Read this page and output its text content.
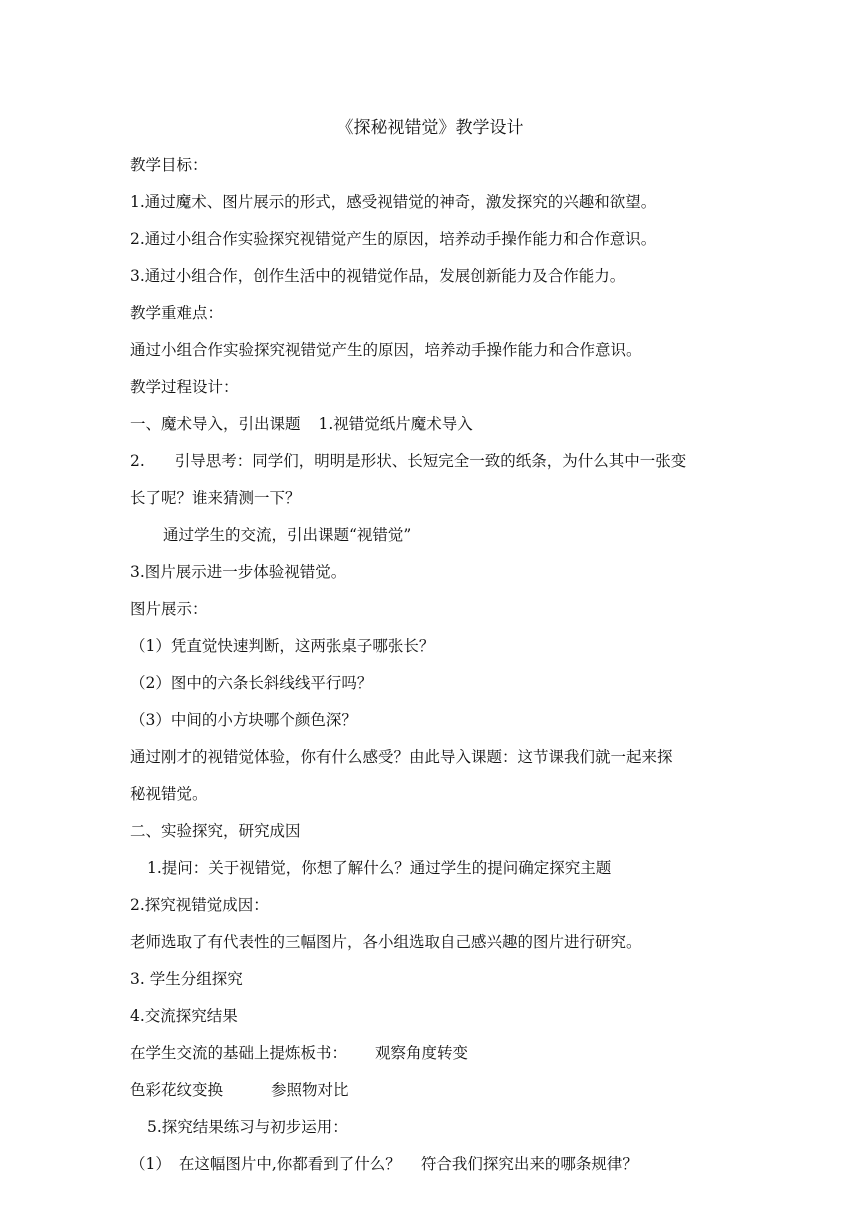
《探秘视错觉》教学设计
教学目标：
1.通过魔术、图片展示的形式，感受视错觉的神奇，激发探究的兴趣和欲望。
2.通过小组合作实验探究视错觉产生的原因，培养动手操作能力和合作意识。
3.通过小组合作，创作生活中的视错觉作品，发展创新能力及合作能力。
教学重难点：
通过小组合作实验探究视错觉产生的原因，培养动手操作能力和合作意识。
教学过程设计：
一、魔术导入，引出课题 1.视错觉纸片魔术导入
2. 引导思考：同学们，明明是形状、长短完全一致的纸条，为什么其中一张变
长了呢？谁来猜测一下？
通过学生的交流，引出课题“视错觉”
3.图片展示进一步体验视错觉。
图片展示：
（1）凭直觉快速判断，这两张桌子哪张长？
（2）图中的六条长斜线线平行吗？
（3）中间的小方块哪个颜色深？
通过刚才的视错觉体验，你有什么感受？由此导入课题：这节课我们就一起来探
秘视错觉。
二、实验探究，研究成因
1.提问：关于视错觉，你想了解什么？通过学生的提问确定探究主题
2.探究视错觉成因：
老师选取了有代表性的三幅图片，各小组选取自己感兴趣的图片进行研究。
3. 学生分组探究
4.交流探究结果
在学生交流的基础上提炼板书： 观察角度转变
色彩花纹变换	参照物对比
5.探究结果练习与初步运用：
（1） 在这幅图片中,你都看到了什么？ 符合我们探究出来的哪条规律？
